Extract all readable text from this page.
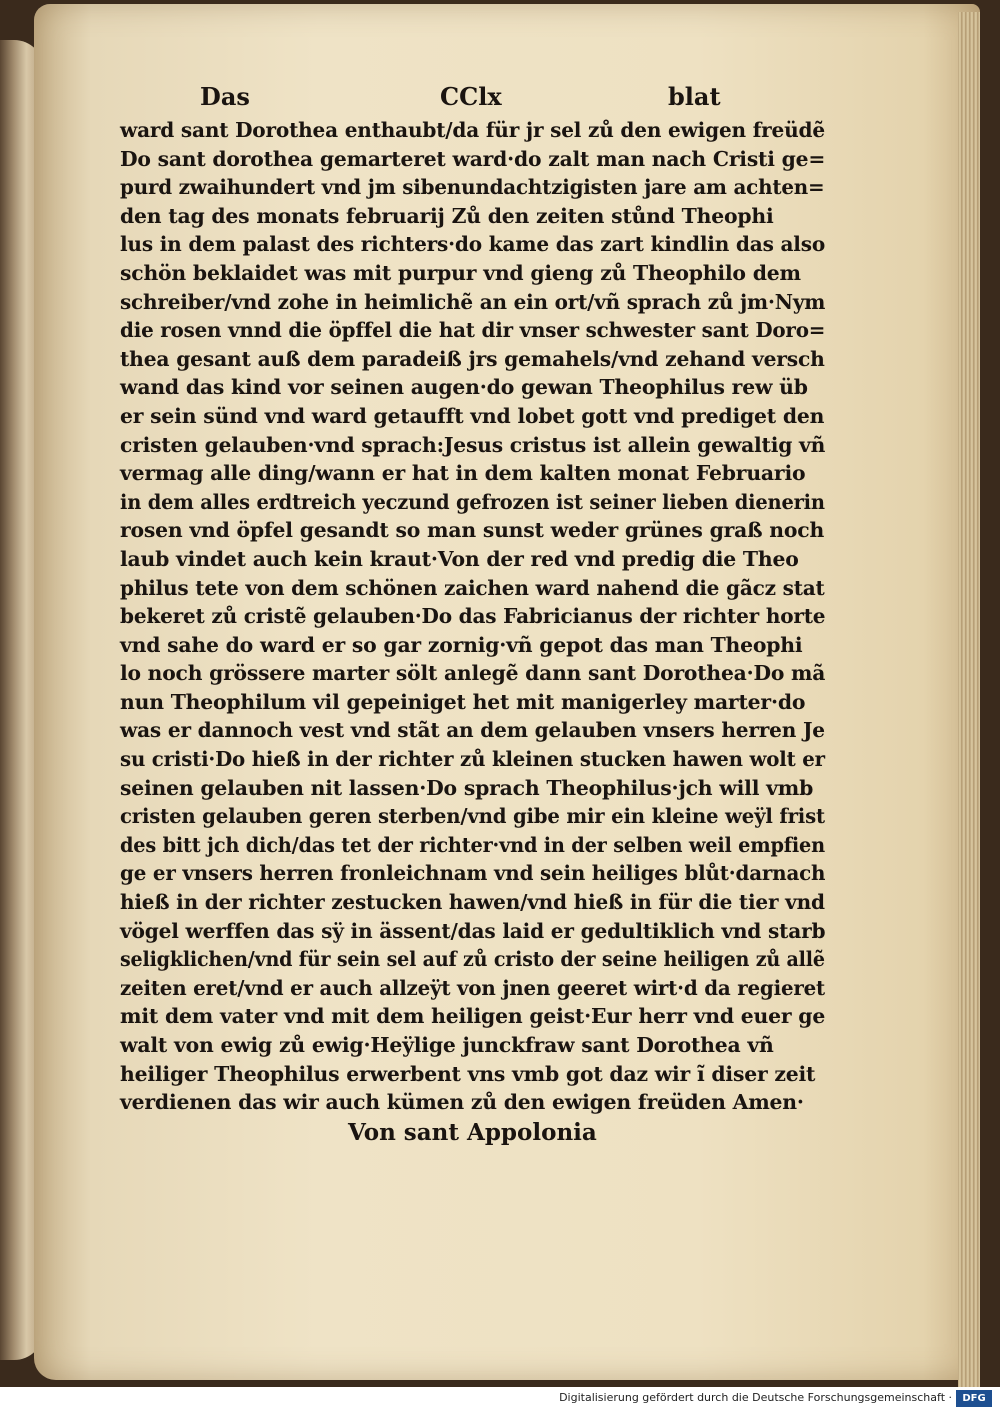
Das	CClx	blat
ward sant Dorothea enthaubt/da für jr sel zů den ewigen freüdẽ
Do sant dorothea gemarteret ward·do zalt man nach Cristi ge=
purd zwaihundert vnd jm sibenundachtzigisten jare am achten=
den tag des monats februarij Zů den zeiten stůnd Theophi
lus in dem palast des richters·do kame das zart kindlin das also
schön beklaidet was mit purpur vnd gieng zů Theophilo dem
schreiber/vnd zohe in heimlichẽ an ein ort/vñ sprach zů jm·Nym
die rosen vnnd die öpffel die hat dir vnser schwester sant Doro=
thea gesant auß dem paradeiß jrs gemahels/vnd zehand versch
wand das kind vor seinen augen·do gewan Theophilus rew üb
er sein sünd vnd ward getaufft vnd lobet gott vnd prediget den
cristen gelauben·vnd sprach:Jesus cristus ist allein gewaltig vñ
vermag alle ding/wann er hat in dem kalten monat Februario
in dem alles erdtreich yeczund gefrozen ist seiner lieben dienerin
rosen vnd öpfel gesandt so man sunst weder grünes graß noch
laub vindet auch kein kraut·Von der red vnd predig die Theo
philus tete von dem schönen zaichen ward nahend die gãcz stat
bekeret zů cristẽ gelauben·Do das Fabricianus der richter horte
vnd sahe do ward er so gar zornig·vñ gepot das man Theophi
lo noch grössere marter sölt anlegẽ dann sant Dorothea·Do mã
nun Theophilum vil gepeiniget het mit manigerley marter·do
was er dannoch vest vnd stãt an dem gelauben vnsers herren Je
su cristi·Do hieß in der richter zů kleinen stucken hawen wolt er
seinen gelauben nit lassen·Do sprach Theophilus·jch will vmb
cristen gelauben geren sterben/vnd gibe mir ein kleine weÿl frist
des bitt jch dich/das tet der richter·vnd in der selben weil empfien
ge er vnsers herren fronleichnam vnd sein heiliges blůt·darnach
hieß in der richter zestucken hawen/vnd hieß in für die tier vnd
vögel werffen das sÿ in ässent/das laid er gedultiklich vnd starb
seligklichen/vnd für sein sel auf zů cristo der seine heiligen zů allẽ
zeiten eret/vnd er auch allzeÿt von jnen geeret wirt·d da regieret
mit dem vater vnd mit dem heiligen geist·Eur herr vnd euer ge
walt von ewig zů ewig·Heÿlige junckfraw sant Dorothea vñ
heiliger Theophilus erwerbent vns vmb got daz wir ĩ diser zeit
verdienen das wir auch kümen zů den ewigen freüden Amen·
Von sant Appolonia
Digitalisierung gefördert durch die Deutsche Forschungsgemeinschaft ·	DFG
